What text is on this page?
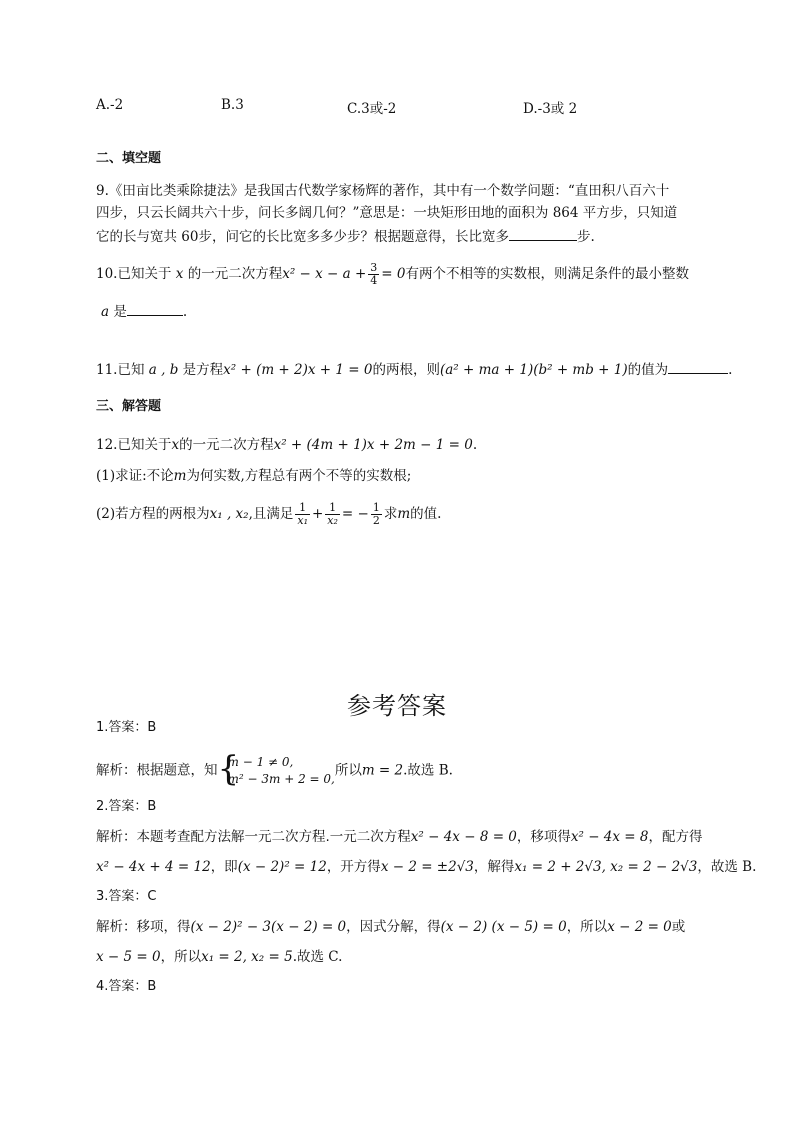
A.-2	B.3	C.3或-2	D.-3或 2
二、填空题
9.《田亩比类乘除捷法》是我国古代数学家杨辉的著作，其中有一个数学问题：“直田积八百六十
四步，只云长阔共六十步，问长多阔几何？”意思是：一块矩形田地的面积为 864 平方步，只知道
它的长与宽共 60步，问它的长比宽多多少步？根据题意得，长比宽多	步.
10.已知关于 x 的一元二次方程$x^2 - x - a + \frac{3}{4} = 0$有两个不相等的实数根，则满足条件的最小整数
a 是	.
11.已知 a , b 是方程x² + (m + 2)x + 1 = 0的两根，则(a² + ma + 1)(b² + mb + 1)的值为	.
三、解答题
12.已知关于x的一元二次方程x² + (4m + 1)x + 2m − 1 = 0.
(1)求证:不论m为何实数,方程总有两个不等的实数根;
(2)若方程的两根为x₁ , x₂,且满足 $\frac{1}{\text{x₁}} + \frac{1}{\text{x₂}}$ = − $\frac{1}{2}$ 求m的值.
参考答案
1.答案：B
解析：根据题意，知 {
m − 1 ≠ 0,
m² − 3m + 2 = 0,
所以m = 2.故选 B.
2.答案：B
解析：本题考查配方法解一元二次方程.一元二次方程x² − 4x − 8 = 0，移项得x² − 4x = 8，配方得
x² − 4x + 4 = 12，即(x − 2)² = 12，开方得x − 2 = ±2√3，解得x₁ = 2 + 2√3, x₂ = 2 − 2√3，故选 B.
3.答案：C
解析：移项，得(x − 2)² − 3(x − 2) = 0，因式分解，得(x − 2) (x − 5) = 0，所以x − 2 = 0或
x − 5 = 0，所以x₁ = 2, x₂ = 5.故选 C.
4.答案：B
